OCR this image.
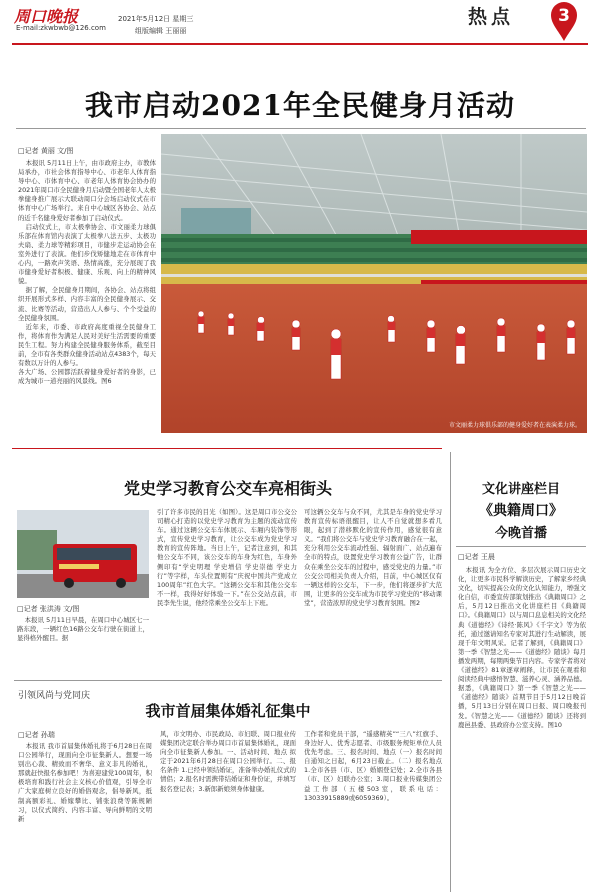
周口晚报
E-mail:zkwbwb@126.com
2021年5月12日 星期三
组版编辑 王丽丽
热点	3
我市启动2021年全民健身月活动
□记者 黄丽 文/图

本报讯 5月11日上午，由市政府主办，市教体局承办，市社会体育指导中心、市老年人体育指导中心、市体育中心、市老年人体育协会协办的2021年周口市全民健身月启动暨全国老年人太极拳健身推广展示大联动周口分会场启动仪式在市体育中心广场举行。来自中心城区各协会、站点的近千名健身爱好者参加了启动仪式。

启动仪式上，市太极拳协会、市文丽柔力球俱乐部在体育馆内表演了太极拳八法五步、太极功夫扇、柔力球等精彩项目，市健步走运动协会在室外进行了表演。他们步伐矫健地走在市体育中心内，一路欢声笑语、热情高涨，充分展现了我市健身爱好者积极、健康、乐观、向上的精神风貌。

据了解，全民健身月期间，各协会、站点将组织开展形式多样、内容丰富的全民健身展示、交流、比赛等活动，营造出人人参与、个个受益的全民健身氛围。

近年来，市委、市政府高度重视全民健身工作，将体育作为满足人民对美好生活需要的重要民生工程。努力构建全民健身服务体系，截至目前，全市有各类群众健身活动站点4383个，每天有数以万计的人参与。

各大广场、公园都活跃着健身爱好者的身影，已成为城市一道亮丽的风景线。图6

市文丽柔力球俱乐部的健身爱好者在表演柔力球。
党史学习教育公交车亮相街头
□记者 张洪涛 文/图
本报讯 5月11日早晨，在周口中心城区七一路东段，一辆红色16路公交车行驶在街道上，显得格外醒目。据
引了许多市民的目光（如图）。这是周口市公交公司精心打造的以党史学习教育为主题的流动宣传车。通过这辆公交车车体展示、车厢内装饰等形式，宣传党史学习教育，让公交车成为党史学习教育的宣传阵地。当日上午，记者注意到，和其他公交车不同，该公交车的车身为红色，车身外侧印有“学史明理 学史增信 学史崇德 学史力行”等字样，车头位置则有“庆祝中国共产党成立100周年”红色大字。“这辆公交车和其他公交车不一样，我得好好体验一下。”在公交站点前，市民李先生说，他经常乘坐公交车上下班。
可这辆公交车与众不同，尤其是车身的党史学习教育宣传标语很醒目，让人不自觉就想多看几眼，起到了潜移默化的宣传作用，感觉很有意义。“我们将公交车与党史学习教育融合在一起，充分利用公交车流动性强、辐射面广、站点遍布全市的特点，设置党史学习教育公益广告，让群众在乘坐公交车的过程中，感受党史的力量。”市公交公司相关负责人介绍，目前，中心城区仅有一辆这样的公交车，下一步，他们将逐步扩大范围，让更多的公交车成为市民学习党史的“移动课堂”，营造浓厚的党史学习教育氛围。图2
引领风尚与党同庆
我市首届集体婚礼征集中
□记者 孙瑞
本报讯 我市首届集体婚礼将于6月28日在周口公园举行，现面向全市征集新人。想要一场别出心裁、精致而不奢华、意义非凡的婚礼，那就赶快报名参加吧！为喜迎建党100周年，积极培育和践行社会主义核心价值观，引导全市广大家庭树立良好的婚俗观念，倡导新风，抵制高额彩礼、婚嫁攀比、铺张浪费等陈规陋习，以仪式简约、内容丰富、导向鲜明的文明新
风，市文明办、市民政局、市妇联、周口报业传媒集团决定联合举办周口市首届集体婚礼，现面向全市征集新人参加。一、活动时间、地点 拟定于2021年6月28日在周口公园举行。二、报名条件 1.已经申领结婚证，准备举办婚礼仪式的情侣；2.报名时需携带结婚证和身份证，并填写报名登记表；3.新郎新娘须身体健康。
工作者和党员干部，“遥感精英”“三八”红旗手、身边好人、优秀志愿者、市级服务规矩单位人员优先考虑。三、报名时间、地点（一）报名时间 自通知之日起，6月23日截止。（二）报名地点 1.全市各县（市、区）婚姻登记处；2.全市各县（市、区）妇联办公室；3.周口报业传媒集团公益工作部（五楼503室，联系电话：13033915889或6059369）。
文化讲座栏目
《典籍周口》
今晚首播
□记者 王晨
本报讯 为全方位、多层次展示周口历史文化，让更多市民科学解读历史，了解家乡经典文化，切实提高公众的文化认知能力，增强文化自信，市委宣传部策划推出《典籍周口》之后，5月12日推出文化讲座栏目《典籍周口》。《典籍周口》以与周口息息相关的文化经典《道德经》《诗经·陈风》《千字文》等为依托，通过邀请知名专家对其进行生动解读，展现千年文明风采。记者了解到，《典籍周口》第一季《智慧之光——《道德经》随谈》每月播发两期，每期两集节目内容。专家学者将对《道德经》81章逐章阐释，让市民在观看和阅读经典中感悟智慧、滋养心灵、涵养品德。据悉，《典籍周口》第一季《智慧之光——《道德经》随谈》首期节目于5月12日晚首播，5月13日分别在周口日报、周口晚报刊发。《智慧之光——《道德经》随谈》还将到鹿邑县委、县政府办公室支持。图10
